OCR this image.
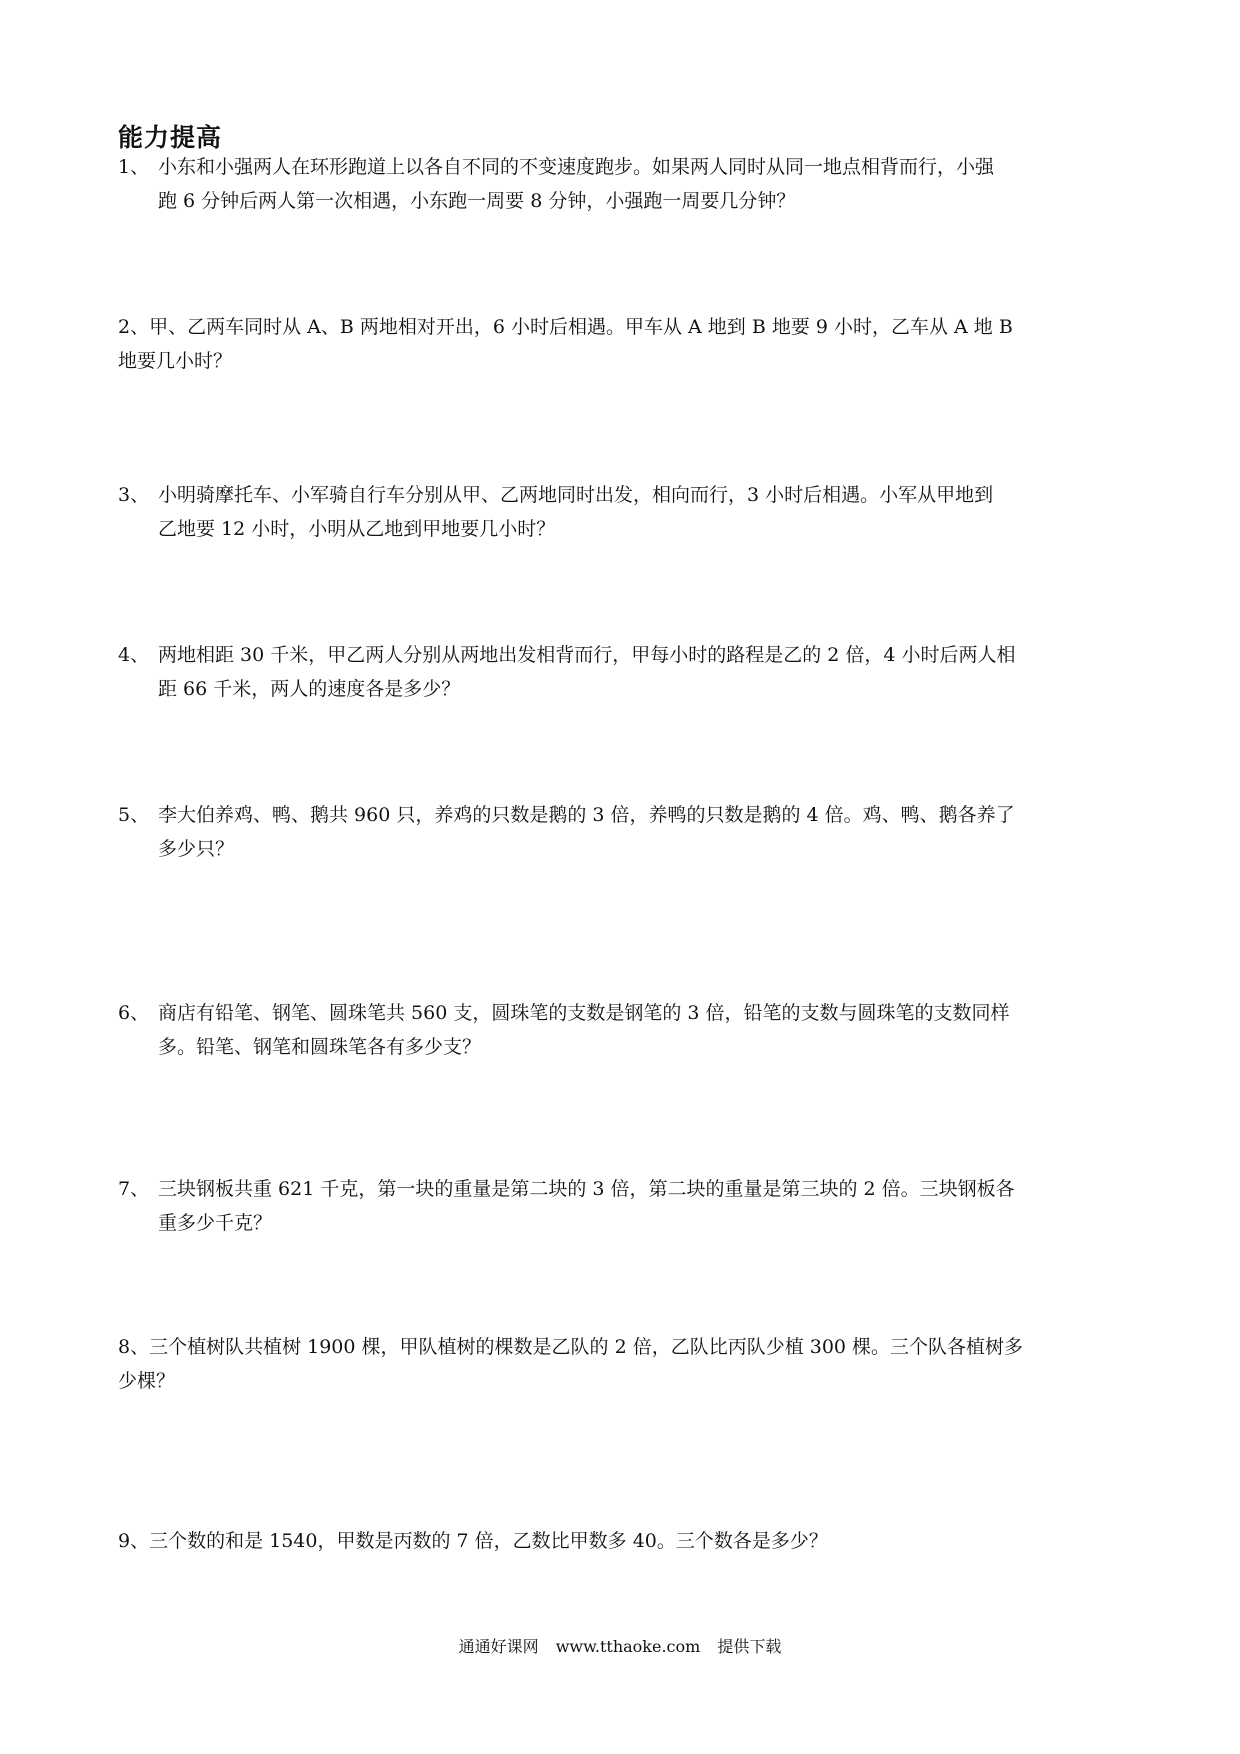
能力提高
1、 小东和小强两人在环形跑道上以各自不同的不变速度跑步。如果两人同时从同一地点相背而行，小强
跑 6 分钟后两人第一次相遇，小东跑一周要 8 分钟，小强跑一周要几分钟？
2、甲、乙两车同时从 A、B 两地相对开出，6 小时后相遇。甲车从 A 地到 B 地要 9 小时，乙车从 A 地 B
地要几小时？
3、 小明骑摩托车、小军骑自行车分别从甲、乙两地同时出发，相向而行，3 小时后相遇。小军从甲地到
乙地要 12 小时，小明从乙地到甲地要几小时？
4、 两地相距 30 千米，甲乙两人分别从两地出发相背而行，甲每小时的路程是乙的 2 倍，4 小时后两人相
距 66 千米，两人的速度各是多少？
5、 李大伯养鸡、鸭、鹅共 960 只，养鸡的只数是鹅的 3 倍，养鸭的只数是鹅的 4 倍。鸡、鸭、鹅各养了
多少只？
6、 商店有铅笔、钢笔、圆珠笔共 560 支，圆珠笔的支数是钢笔的 3 倍，铅笔的支数与圆珠笔的支数同样
多。铅笔、钢笔和圆珠笔各有多少支？
7、 三块钢板共重 621 千克，第一块的重量是第二块的 3 倍，第二块的重量是第三块的 2 倍。三块钢板各
重多少千克？
8、三个植树队共植树 1900 棵，甲队植树的棵数是乙队的 2 倍，乙队比丙队少植 300 棵。三个队各植树多
少棵？
9、三个数的和是 1540，甲数是丙数的 7 倍，乙数比甲数多 40。三个数各是多少？
通通好课网 www.tthaoke.com 提供下载
